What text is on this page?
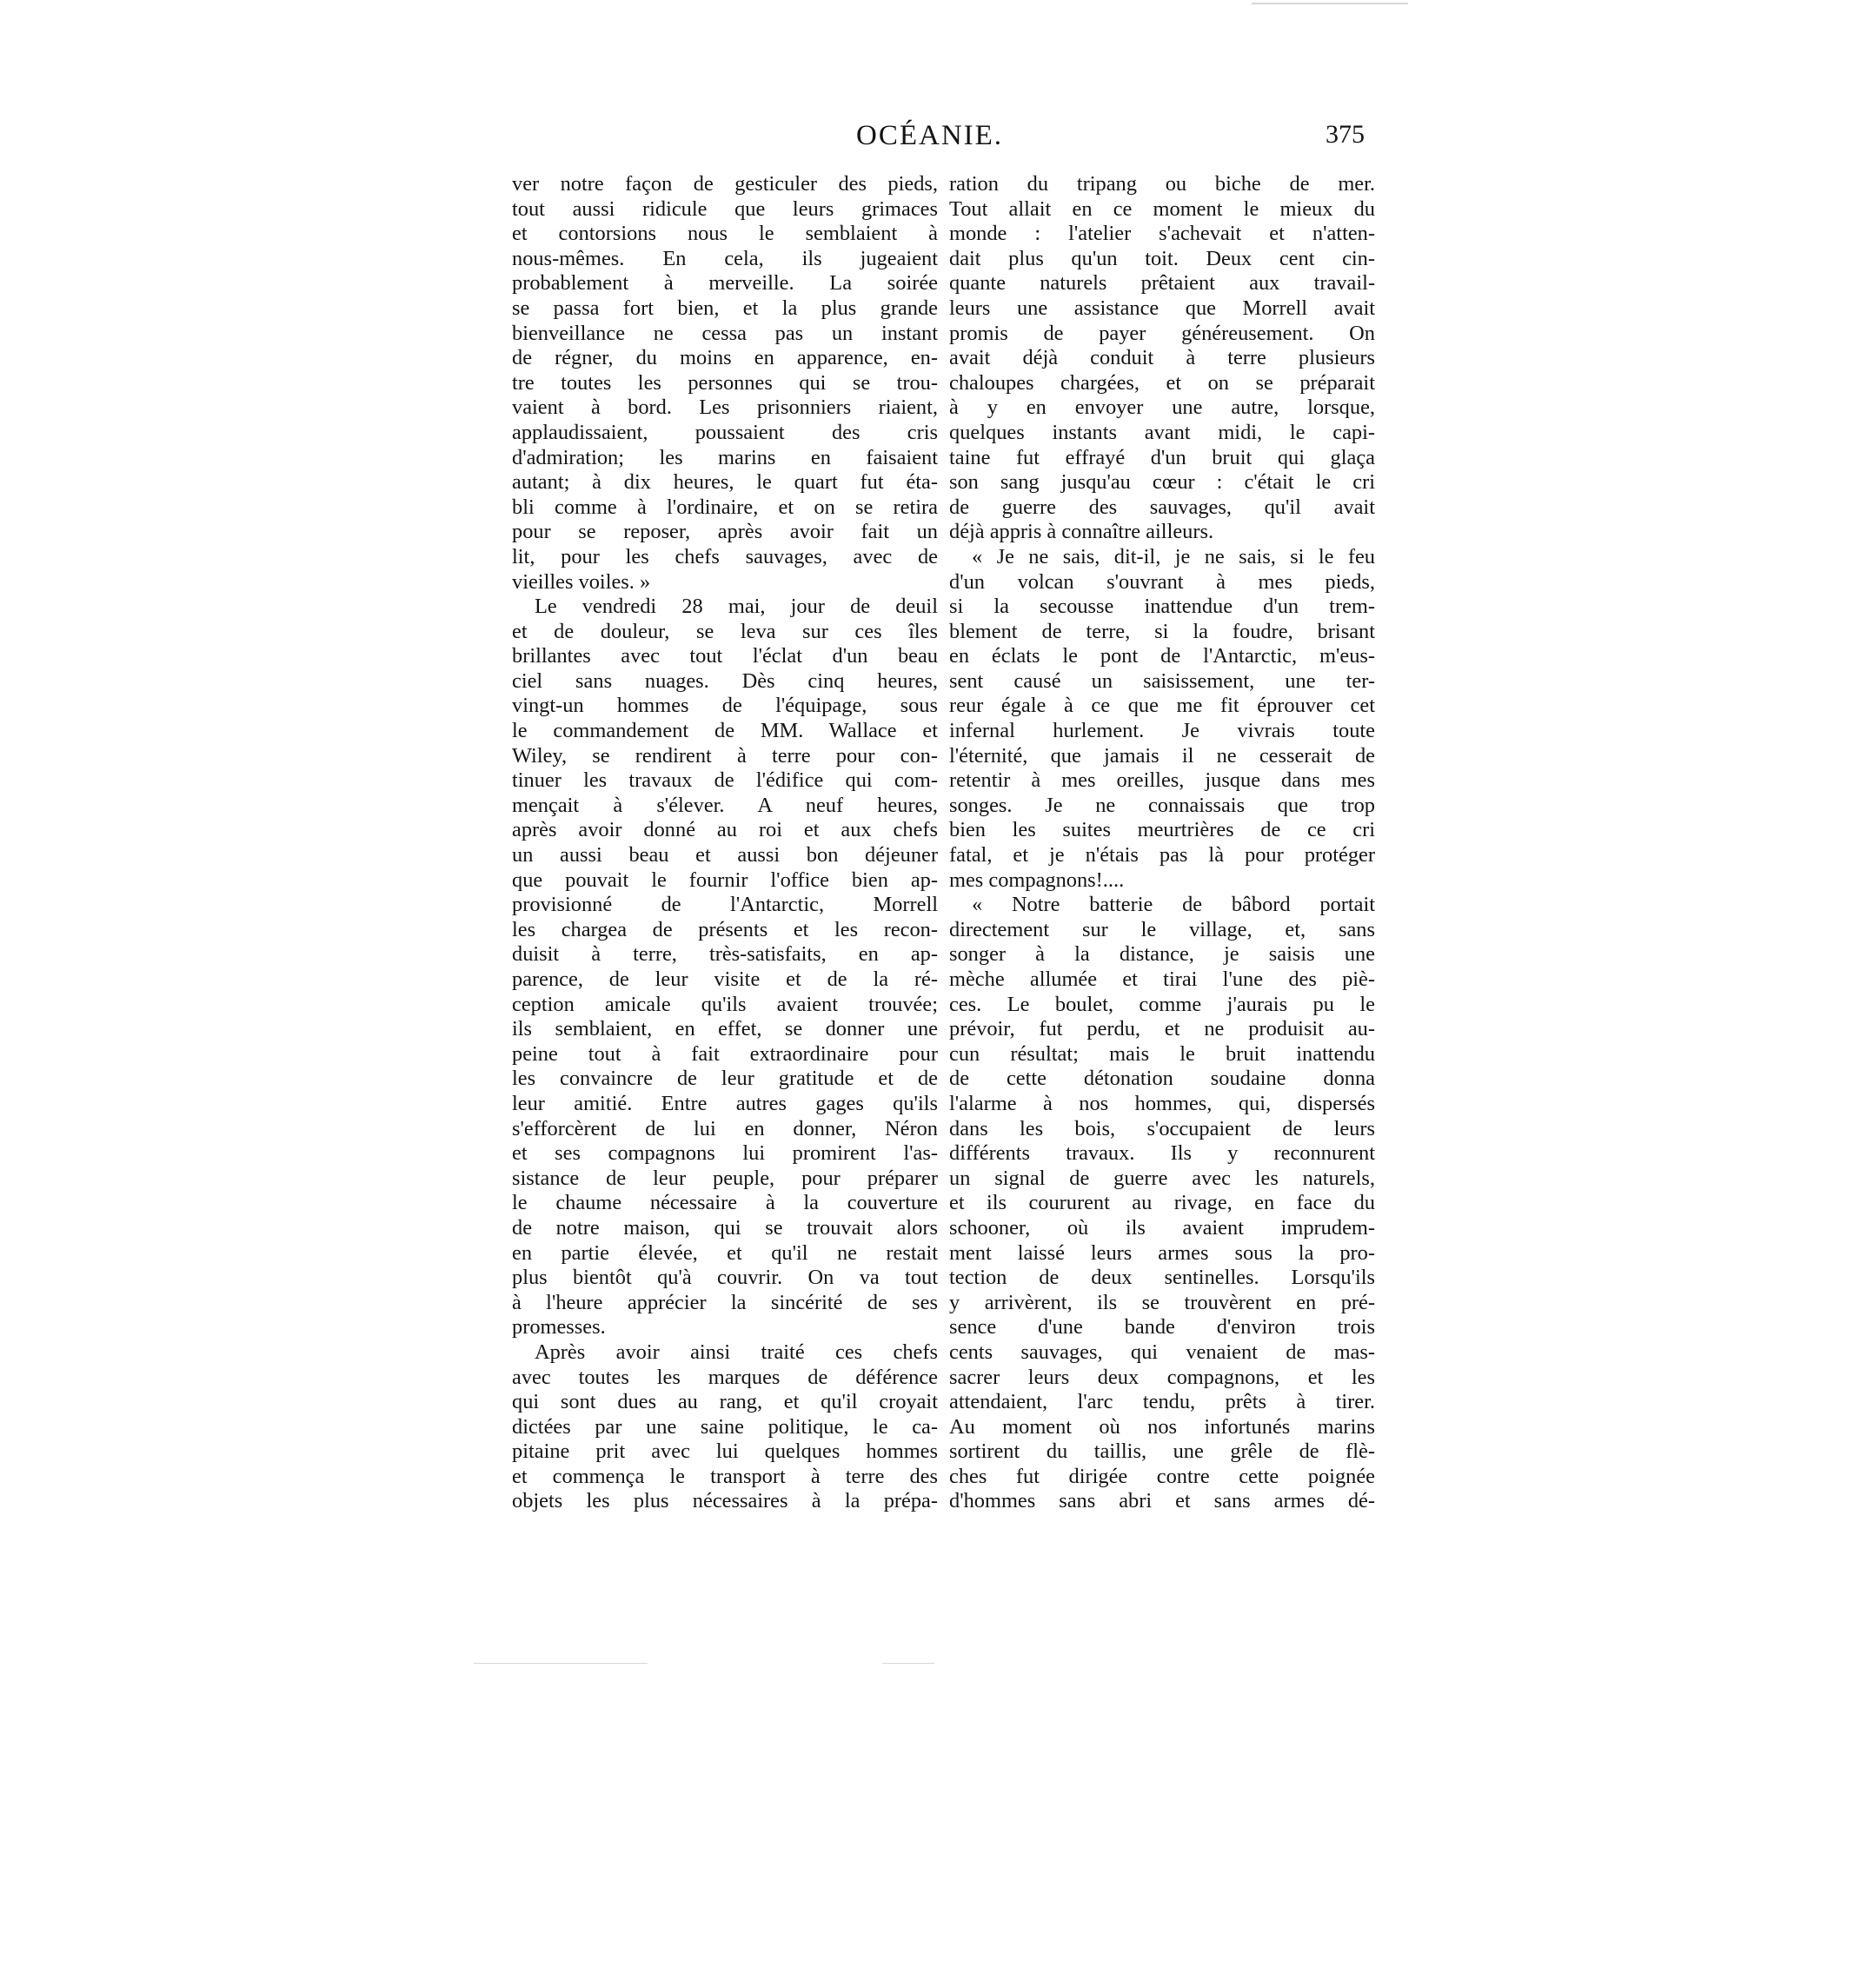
OCÉANIE.	375
ver notre façon de gesticuler des pieds,
tout aussi ridicule que leurs grimaces
et contorsions nous le semblaient à
nous-mêmes. En cela, ils jugeaient
probablement à merveille. La soirée
se passa fort bien, et la plus grande
bienveillance ne cessa pas un instant
de régner, du moins en apparence, en-
tre toutes les personnes qui se trou-
vaient à bord. Les prisonniers riaient,
applaudissaient, poussaient des cris
d'admiration; les marins en faisaient
autant; à dix heures, le quart fut éta-
bli comme à l'ordinaire, et on se retira
pour se reposer, après avoir fait un
lit, pour les chefs sauvages, avec de
vieilles voiles. »
Le vendredi 28 mai, jour de deuil
et de douleur, se leva sur ces îles
brillantes avec tout l'éclat d'un beau
ciel sans nuages. Dès cinq heures,
vingt-un hommes de l'équipage, sous
le commandement de MM. Wallace et
Wiley, se rendirent à terre pour con-
tinuer les travaux de l'édifice qui com-
mençait à s'élever. A neuf heures,
après avoir donné au roi et aux chefs
un aussi beau et aussi bon déjeuner
que pouvait le fournir l'office bien ap-
provisionné de l'Antarctic, Morrell
les chargea de présents et les recon-
duisit à terre, très-satisfaits, en ap-
parence, de leur visite et de la ré-
ception amicale qu'ils avaient trouvée;
ils semblaient, en effet, se donner une
peine tout à fait extraordinaire pour
les convaincre de leur gratitude et de
leur amitié. Entre autres gages qu'ils
s'efforcèrent de lui en donner, Néron
et ses compagnons lui promirent l'as-
sistance de leur peuple, pour préparer
le chaume nécessaire à la couverture
de notre maison, qui se trouvait alors
en partie élevée, et qu'il ne restait
plus bientôt qu'à couvrir. On va tout
à l'heure apprécier la sincérité de ses
promesses.
Après avoir ainsi traité ces chefs
avec toutes les marques de déférence
qui sont dues au rang, et qu'il croyait
dictées par une saine politique, le ca-
pitaine prit avec lui quelques hommes
et commença le transport à terre des
objets les plus nécessaires à la prépa-
ration du tripang ou biche de mer.
Tout allait en ce moment le mieux du
monde : l'atelier s'achevait et n'atten-
dait plus qu'un toit. Deux cent cin-
quante naturels prêtaient aux travail-
leurs une assistance que Morrell avait
promis de payer généreusement. On
avait déjà conduit à terre plusieurs
chaloupes chargées, et on se préparait
à y en envoyer une autre, lorsque,
quelques instants avant midi, le capi-
taine fut effrayé d'un bruit qui glaça
son sang jusqu'au cœur : c'était le cri
de guerre des sauvages, qu'il avait
déjà appris à connaître ailleurs.
« Je ne sais, dit-il, je ne sais, si le feu
d'un volcan s'ouvrant à mes pieds,
si la secousse inattendue d'un trem-
blement de terre, si la foudre, brisant
en éclats le pont de l'Antarctic, m'eus-
sent causé un saisissement, une ter-
reur égale à ce que me fit éprouver cet
infernal hurlement. Je vivrais toute
l'éternité, que jamais il ne cesserait de
retentir à mes oreilles, jusque dans mes
songes. Je ne connaissais que trop
bien les suites meurtrières de ce cri
fatal, et je n'étais pas là pour protéger
mes compagnons!....
« Notre batterie de bâbord portait
directement sur le village, et, sans
songer à la distance, je saisis une
mèche allumée et tirai l'une des piè-
ces. Le boulet, comme j'aurais pu le
prévoir, fut perdu, et ne produisit au-
cun résultat; mais le bruit inattendu
de cette détonation soudaine donna
l'alarme à nos hommes, qui, dispersés
dans les bois, s'occupaient de leurs
différents travaux. Ils y reconnurent
un signal de guerre avec les naturels,
et ils coururent au rivage, en face du
schooner, où ils avaient imprudem-
ment laissé leurs armes sous la pro-
tection de deux sentinelles. Lorsqu'ils
y arrivèrent, ils se trouvèrent en pré-
sence d'une bande d'environ trois
cents sauvages, qui venaient de mas-
sacrer leurs deux compagnons, et les
attendaient, l'arc tendu, prêts à tirer.
Au moment où nos infortunés marins
sortirent du taillis, une grêle de flè-
ches fut dirigée contre cette poignée
d'hommes sans abri et sans armes dé-
